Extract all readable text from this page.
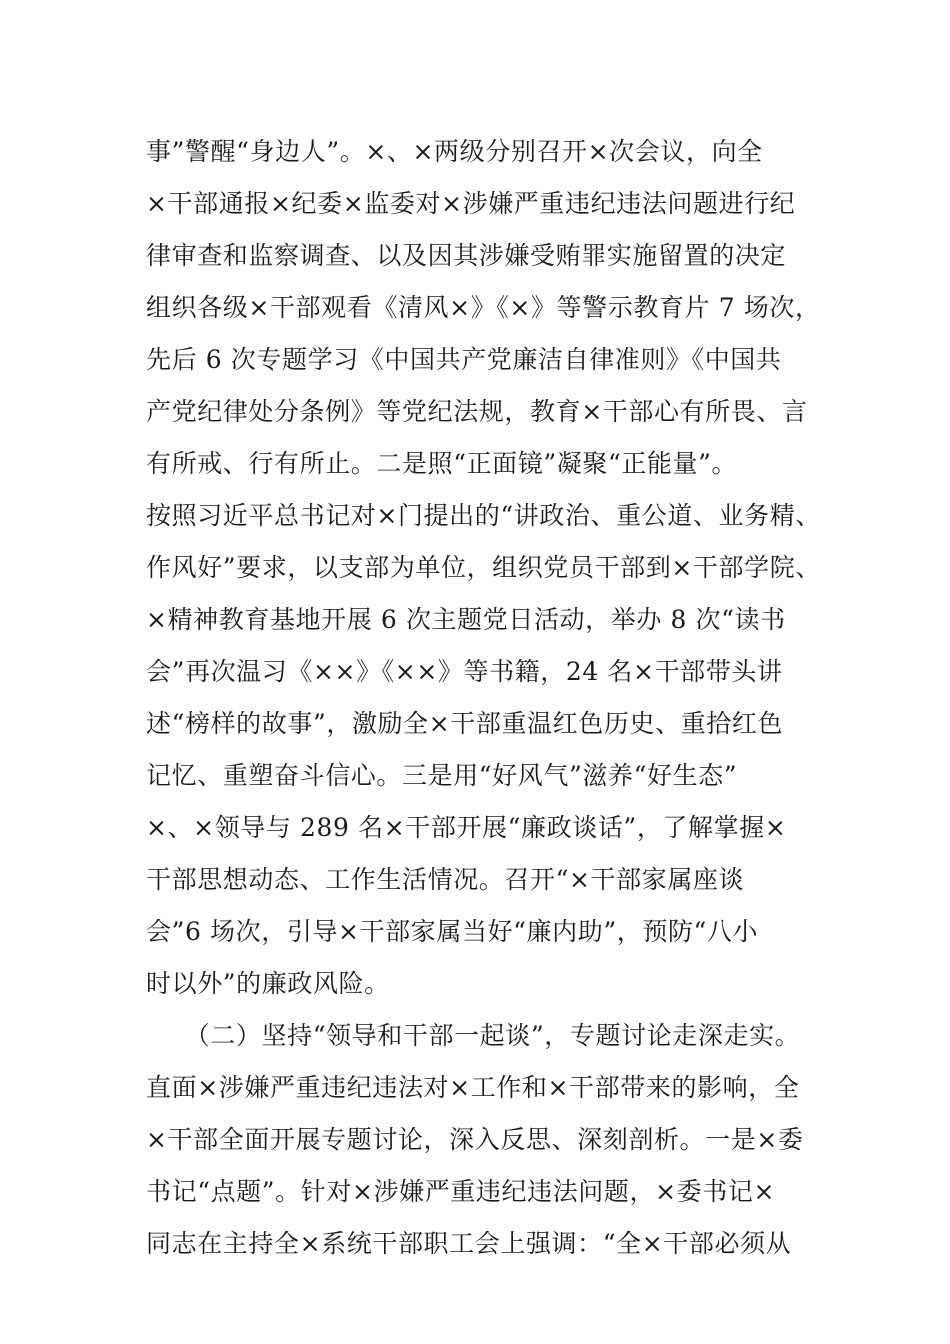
事”警醒“身边人”。×、×两级分别召开×次会议，向全
×干部通报×纪委×监委对×涉嫌严重违纪违法问题进行纪
律审查和监察调查、以及因其涉嫌受贿罪实施留置的决定
组织各级×干部观看《清风×》《×》等警示教育片 7 场次，
先后 6 次专题学习《中国共产党廉洁自律准则》《中国共
产党纪律处分条例》等党纪法规，教育×干部心有所畏、言
有所戒、行有所止。二是照“正面镜”凝聚“正能量”。
按照习近平总书记对×门提出的“讲政治、重公道、业务精、
作风好”要求，以支部为单位，组织党员干部到×干部学院、
×精神教育基地开展 6 次主题党日活动，举办 8 次“读书
会”再次温习《××》《××》等书籍，24 名×干部带头讲
述“榜样的故事”，激励全×干部重温红色历史、重拾红色
记忆、重塑奋斗信心。三是用“好风气”滋养“好生态”
×、×领导与 289 名×干部开展“廉政谈话”，了解掌握×
干部思想动态、工作生活情况。召开“×干部家属座谈
会”6 场次，引导×干部家属当好“廉内助”，预防“八小
时以外”的廉政风险。
　　（二）坚持“领导和干部一起谈”，专题讨论走深走实。
直面×涉嫌严重违纪违法对×工作和×干部带来的影响，全
×干部全面开展专题讨论，深入反思、深刻剖析。一是×委
书记“点题”。针对×涉嫌严重违纪违法问题，×委书记×
同志在主持全×系统干部职工会上强调：“全×干部必须从
